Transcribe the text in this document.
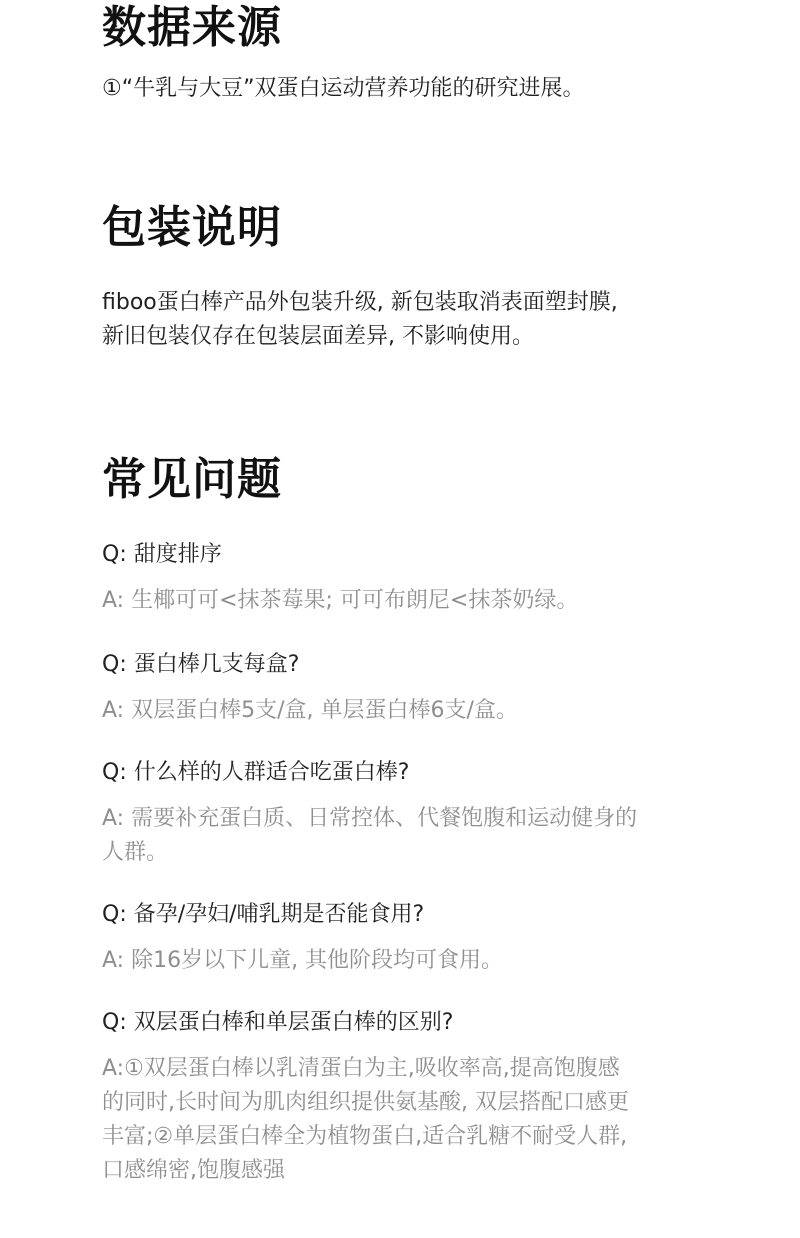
数据来源

①“牛乳与大豆”双蛋白运动营养功能的研究进展。

包装说明

fiboo蛋白棒产品外包装升级, 新包装取消表面塑封膜,
新旧包装仅存在包装层面差异, 不影响使用。

常见问题

Q: 甜度排序

A: 生椰可可<抹茶莓果; 可可布朗尼<抹茶奶绿。

Q: 蛋白棒几支每盒?

A: 双层蛋白棒5支/盒, 单层蛋白棒6支/盒。

Q: 什么样的人群适合吃蛋白棒?

A: 需要补充蛋白质、日常控体、代餐饱腹和运动健身的
人群。

Q: 备孕/孕妇/哺乳期是否能食用?

A: 除16岁以下儿童, 其他阶段均可食用。

Q: 双层蛋白棒和单层蛋白棒的区别?

A:①双层蛋白棒以乳清蛋白为主,吸收率高,提高饱腹感
的同时,长时间为肌肉组织提供氨基酸, 双层搭配口感更
丰富;②单层蛋白棒全为植物蛋白,适合乳糖不耐受人群,
口感绵密,饱腹感强
